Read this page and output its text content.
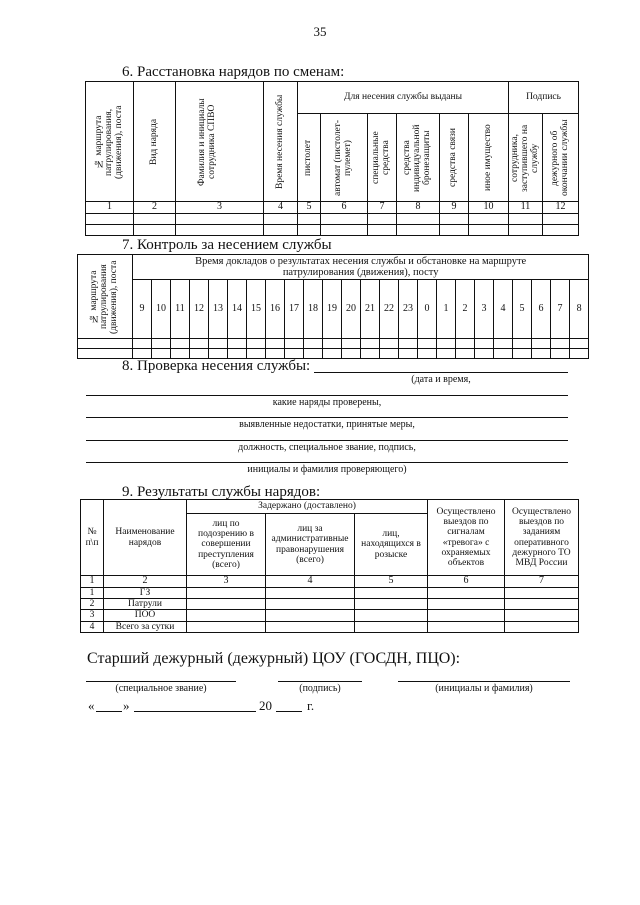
35
6. Расстановка нарядов по сменам:
№ маршрута патрулирования, (движения), поста	Вид наряда	Фамилия и инициалы сотрудника СПВО	Время несения службы	Для несения службы выданы						Подпись	

				пистолет	автомат (пистолет-пулемет)	специальные средства	средства индивидуальной бронезащиты	средства связи	иное имущество	сотрудника, заступившего на службу	дежурного об окончании службы

1	2	3	4	5	6	7	8	9	10	11	12

7. Контроль за несением службы
№ маршрута патрулирования (движения), поста	Время докладов о результатах несения службы и обстановке на маршруте патрулирования (движения), посту																							
	9	10	11	12	13	14	15	16	17	18	19	20	21	22	23	0	1	2	3	4	5	6	7	8

8. Проверка несения службы:
(дата и время,
какие наряды проверены,
выявленные недостатки, принятые меры,
должность, специальное звание, подпись,
инициалы и фамилия проверяющего)
9. Результаты службы нарядов:
№ п\п	Наименование нарядов	Задержано (доставлено)			Осуществлено выездов по сигналам «тревога» с охраняемых объектов	Осуществлено выездов по заданиям оперативного дежурного ТО МВД России
		лиц по подозрению в совершении преступления (всего)	лиц за административные правонарушения (всего)	лиц, находящихся в розыске		
1	2	3	4	5	6	7
1	ГЗ					
2	Патрули					
3	ПОО					
4	Всего за сутки					
Старший дежурный (дежурный) ЦОУ (ГОСДН, ПЦО):
(специальное звание)	(подпись)	(инициалы и фамилия)
« »	20	г.
